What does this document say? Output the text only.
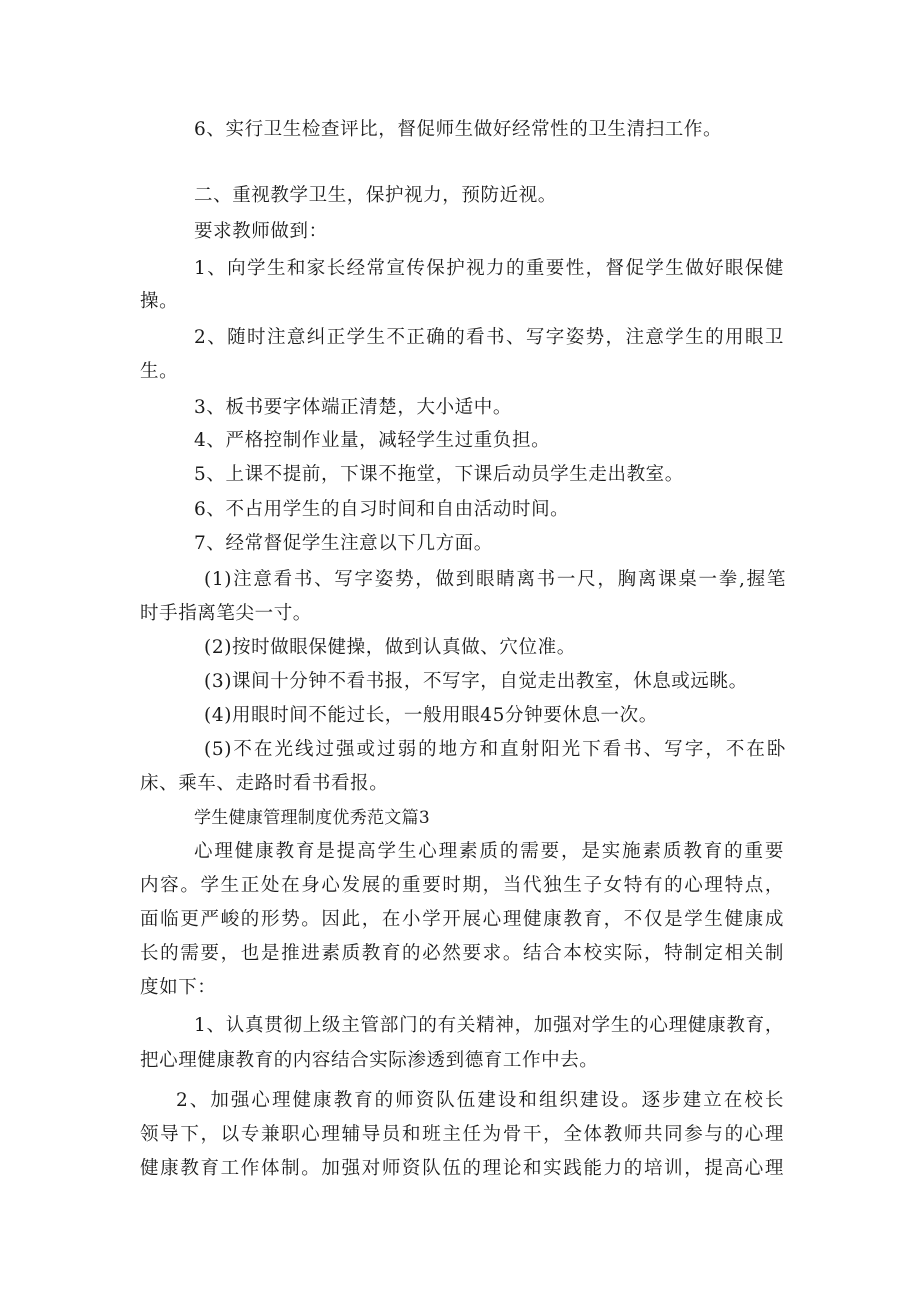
6、实行卫生检查评比，督促师生做好经常性的卫生清扫工作。
二、重视教学卫生，保护视力，预防近视。
要求教师做到：
1、向学生和家长经常宣传保护视力的重要性，督促学生做好眼保健
操。
2、随时注意纠正学生不正确的看书、写字姿势，注意学生的用眼卫
生。
3、板书要字体端正清楚，大小适中。
4、严格控制作业量，减轻学生过重负担。
5、上课不提前，下课不拖堂，下课后动员学生走出教室。
6、不占用学生的自习时间和自由活动时间。
7、经常督促学生注意以下几方面。
(1)注意看书、写字姿势，做到眼睛离书一尺，胸离课桌一拳,握笔
时手指离笔尖一寸。
(2)按时做眼保健操，做到认真做、穴位准。
(3)课间十分钟不看书报，不写字，自觉走出教室，休息或远眺。
(4)用眼时间不能过长，一般用眼45分钟要休息一次。
(5)不在光线过强或过弱的地方和直射阳光下看书、写字，不在卧
床、乘车、走路时看书看报。
学生健康管理制度优秀范文篇3
心理健康教育是提高学生心理素质的需要，是实施素质教育的重要
内容。学生正处在身心发展的重要时期，当代独生子女特有的心理特点，
面临更严峻的形势。因此，在小学开展心理健康教育，不仅是学生健康成
长的需要，也是推进素质教育的必然要求。结合本校实际，特制定相关制
度如下：
1、认真贯彻上级主管部门的有关精神，加强对学生的心理健康教育，
把心理健康教育的内容结合实际渗透到德育工作中去。
2、加强心理健康教育的师资队伍建设和组织建设。逐步建立在校长
领导下，以专兼职心理辅导员和班主任为骨干，全体教师共同参与的心理
健康教育工作体制。加强对师资队伍的理论和实践能力的培训，提高心理
